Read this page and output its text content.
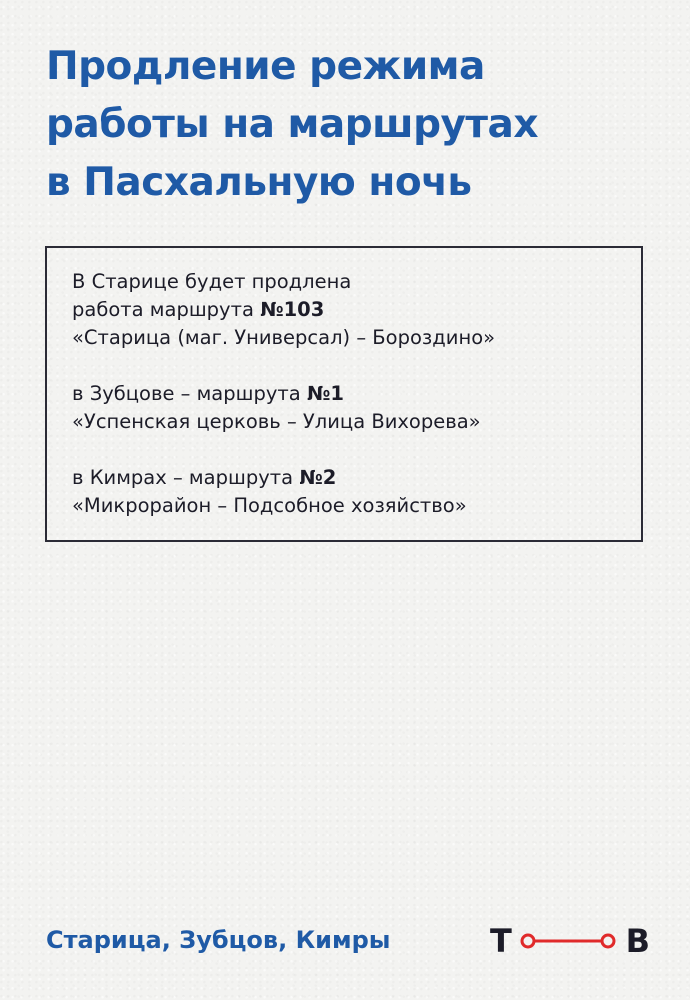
Продление режима
работы на маршрутах
в Пасхальную ночь
В Старице будет продлена
работа маршрута №103
«Старица (маг. Универсал) – Бороздино»
в Зубцове – маршрута №1
«Успенская церковь – Улица Вихорева»
в Кимрах – маршрута №2
«Микрорайон – Подсобное хозяйство»
Старица, Зубцов, Кимры	Т	В
